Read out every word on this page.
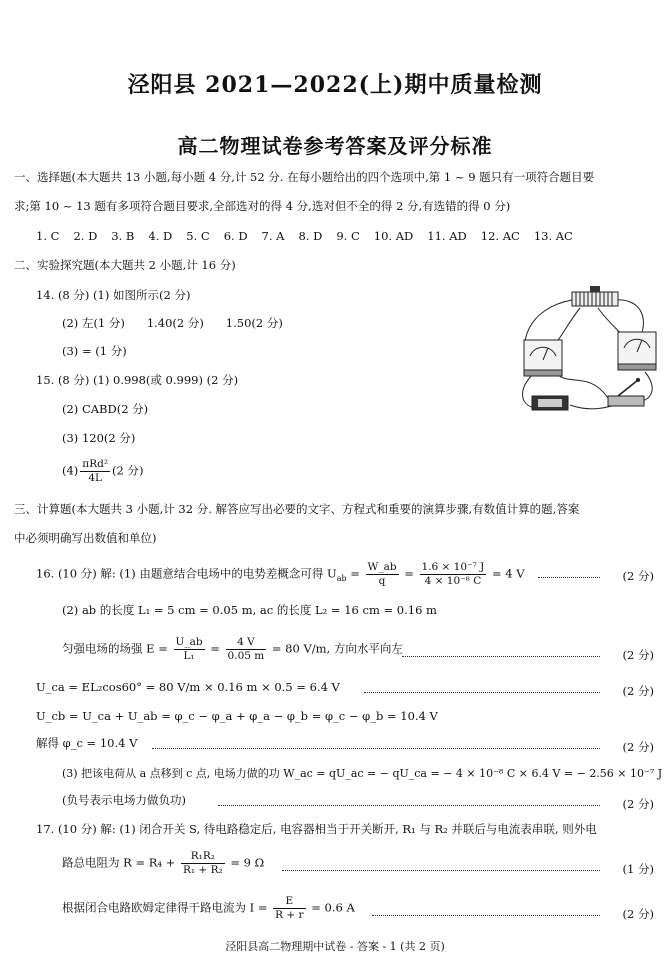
泾阳县 2021—2022(上)期中质量检测
高二物理试卷参考答案及评分标准
一、选择题(本大题共 13 小题,每小题 4 分,计 52 分. 在每小题给出的四个选项中,第 1 ~ 9 题只有一项符合题目要
求;第 10 ~ 13 题有多项符合题目要求,全部选对的得 4 分,选对但不全的得 2 分,有选错的得 0 分)
1. C 2. D 3. B 4. D 5. C 6. D 7. A 8. D 9. C 10. AD 11. AD 12. AC 13. AC
二、实验探究题(本大题共 2 小题,计 16 分)
14. (8 分) (1) 如图所示(2 分)
(2) 左(1 分)      1.40(2 分)      1.50(2 分)
(3) = (1 分)
15. (8 分) (1) 0.998(或 0.999) (2 分)
(2) CABD(2 分)
(3) 120(2 分)
$(4) \frac{\text{πRd²}}{4L} (2$ 分)
三、计算题(本大题共 3 小题,计 32 分. 解答应写出必要的文字、方程式和重要的演算步骤,有数值计算的题,答案
中必须明确写出数值和单位)
16. (10 分) 解: (1) 由题意结合电场中的电势差概念可得 $U_{ab} = \frac{W\_ab}{q} = \frac{\text{1.6 × 10⁻⁷ J}}{\text{4 × 10⁻⁸ C}} = 4$ V	(2 分)
(2) ab 的长度 L₁ = 5 cm = 0.05 m, ac 的长度 L₂ = 16 cm = 0.16 m
匀强电场的场强 $E = \frac{U\_ab}{\text{L₁}} = \frac{4 V}{0.05 m} = 80$ V/m, 方向水平向左	(2 分)
U_ca = EL₂cos60° = 80 V/m × 0.16 m × 0.5 = 6.4 V	(2 分)
U_cb = U_ca + U_ab = φ_c − φ_a + φ_a − φ_b = φ_c − φ_b = 10.4 V
解得 φ_c = 10.4 V	(2 分)
(3) 把该电荷从 a 点移到 c 点, 电场力做的功 W_ac = qU_ac = − qU_ca = − 4 × 10⁻⁸ C × 6.4 V = − 2.56 × 10⁻⁷ J
(负号表示电场力做负功)	(2 分)
17. (10 分) 解: (1) 闭合开关 S, 待电路稳定后, 电容器相当于开关断开, R₁ 与 R₂ 并联后与电流表串联, 则外电
路总电阻为 $R = R_4 + \frac{\text{R₁R₂}}{\text{R₁ + R₂}} = 9$ Ω	(1 分)
根据闭合电路欧姆定律得干路电流为 $I = \frac{E}{R + r} = 0.6$ A	(2 分)
泾阳县高二物理期中试卷 - 答案 - 1 (共 2 页)
